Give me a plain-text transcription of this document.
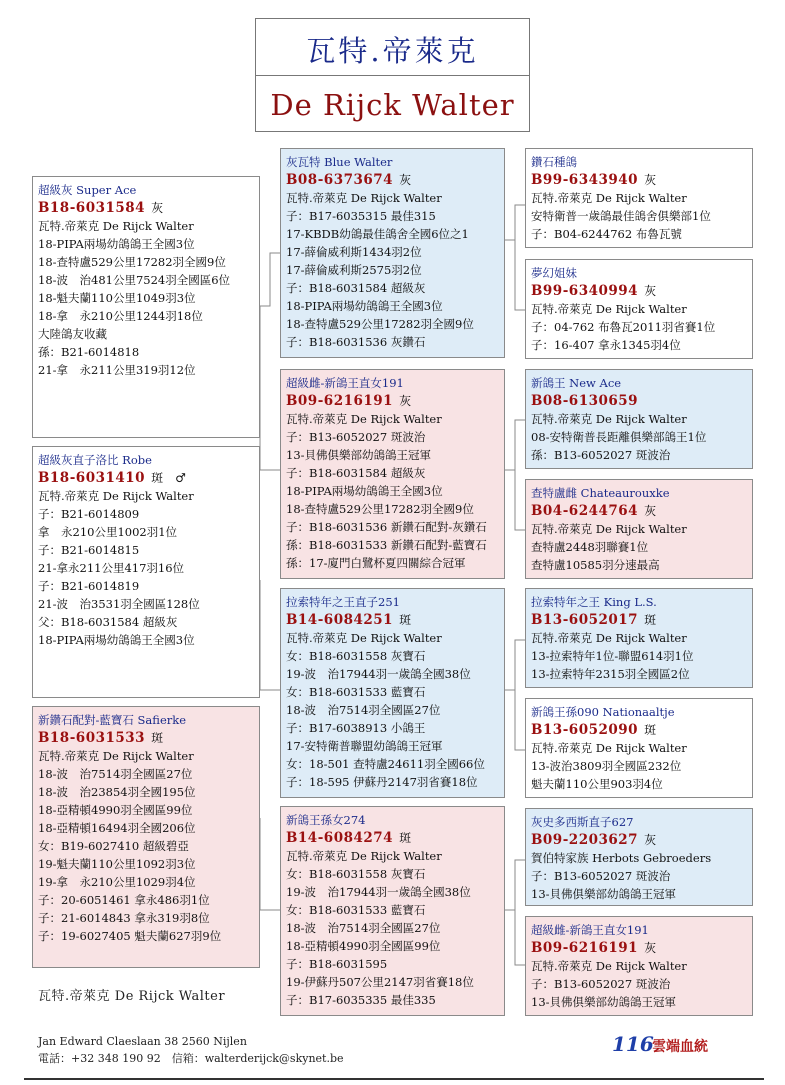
瓦特.帝萊克
De Rijck Walter
超級灰 Super Ace
B18-6031584 灰
瓦特.帝萊克 De Rijck Walter
18-PIPA兩場幼鴿鴿王全國3位
18-查特盧529公里17282羽全國9位
18-波　治481公里7524羽全國區6位
18-魁夫蘭110公里1049羽3位
18-拿　永210公里1244羽18位
大陸鴿友收藏
孫：B21-6014818
21-拿　永211公里319羽12位
超級灰直子洛比 Robe
B18-6031410 斑　♂
瓦特.帝萊克 De Rijck Walter
子：B21-6014809
拿　永210公里1002羽1位
子：B21-6014815
21-拿永211公里417羽16位
子：B21-6014819
21-波　治3531羽全國區128位
父：B18-6031584 超級灰
18-PIPA兩場幼鴿鴿王全國3位
新鑽石配對-藍寶石 Safierke
B18-6031533 斑
瓦特.帝萊克 De Rijck Walter
18-波　治7514羽全國區27位
18-波　治23854羽全國195位
18-亞精頓4990羽全國區99位
18-亞精頓16494羽全國206位
女：B19-6027410 超級碧亞
19-魁夫蘭110公里1092羽3位
19-拿　永210公里1029羽4位
子：20-6051461 拿永486羽1位
子：21-6014843 拿永319羽8位
子：19-6027405 魁夫蘭627羽9位
灰瓦特 Blue Walter
B08-6373674 灰
瓦特.帝萊克 De Rijck Walter
子：B17-6035315 最佳315
17-KBDB幼鴿最佳鴿舍全國6位之1
17-薛倫威利斯1434羽2位
17-薛倫威利斯2575羽2位
子：B18-6031584 超級灰
18-PIPA兩場幼鴿鴿王全國3位
18-查特盧529公里17282羽全國9位
子：B18-6031536 灰鑽石
超級雌-新鴿王直女191
B09-6216191 灰
瓦特.帝萊克 De Rijck Walter
子：B13-6052027 斑波治
13-貝佛俱樂部幼鴿鴿王冠軍
子：B18-6031584 超級灰
18-PIPA兩場幼鴿鴿王全國3位
18-查特盧529公里17282羽全國9位
子：B18-6031536 新鑽石配對-灰鑽石
孫：B18-6031533 新鑽石配對-藍寶石
孫：17-廈門白鷺杯夏四關綜合冠軍
拉索特年之王直子251
B14-6084251 斑
瓦特.帝萊克 De Rijck Walter
女：B18-6031558 灰寶石
19-波　治17944羽一歲鴿全國38位
女：B18-6031533 藍寶石
18-波　治7514羽全國區27位
子：B17-6038913 小鴿王
17-安特衛普聯盟幼鴿鴿王冠軍
女：18-501 查特盧24611羽全國66位
子：18-595 伊蘇丹2147羽省賽18位
新鴿王孫女274
B14-6084274 斑
瓦特.帝萊克 De Rijck Walter
女：B18-6031558 灰寶石
19-波　治17944羽一歲鴿全國38位
女：B18-6031533 藍寶石
18-波　治7514羽全國區27位
18-亞精頓4990羽全國區99位
子：B18-6031595
19-伊蘇丹507公里2147羽省賽18位
子：B17-6035335 最佳335
鑽石種鴿
B99-6343940 灰
瓦特.帝萊克 De Rijck Walter
安特衛普一歲鴿最佳鴿舍俱樂部1位
子：B04-6244762 布魯瓦號
夢幻姐妹
B99-6340994 灰
瓦特.帝萊克 De Rijck Walter
子：04-762 布魯瓦2011羽省賽1位
子：16-407 拿永1345羽4位
新鴿王 New Ace
B08-6130659
瓦特.帝萊克 De Rijck Walter
08-安特衛普長距離俱樂部鴿王1位
孫：B13-6052027 斑波治
查特盧雌 Chateaurouxke
B04-6244764 灰
瓦特.帝萊克 De Rijck Walter
查特盧2448羽聯賽1位
查特盧10585羽分速最高
拉索特年之王 King L.S.
B13-6052017 斑
瓦特.帝萊克 De Rijck Walter
13-拉索特年1位-聯盟614羽1位
13-拉索特年2315羽全國區2位
新鴿王孫090 Nationaaltje
B13-6052090 斑
瓦特.帝萊克 De Rijck Walter
13-波治3809羽全國區232位
魁夫蘭110公里903羽4位
灰史多西斯直子627
B09-2203627 灰
賀伯特家族 Herbots Gebroeders
子：B13-6052027 斑波治
13-貝佛俱樂部幼鴿鴿王冠軍
超級雌-新鴿王直女191
B09-6216191 灰
瓦特.帝萊克 De Rijck Walter
子：B13-6052027 斑波治
13-貝佛俱樂部幼鴿鴿王冠軍
瓦特.帝萊克 De Rijck Walter
Jan Edward Claeslaan 38 2560 Nijlen
電話：+32 348 190 92　信箱：walterderijck@skynet.be
116
雲端血統
